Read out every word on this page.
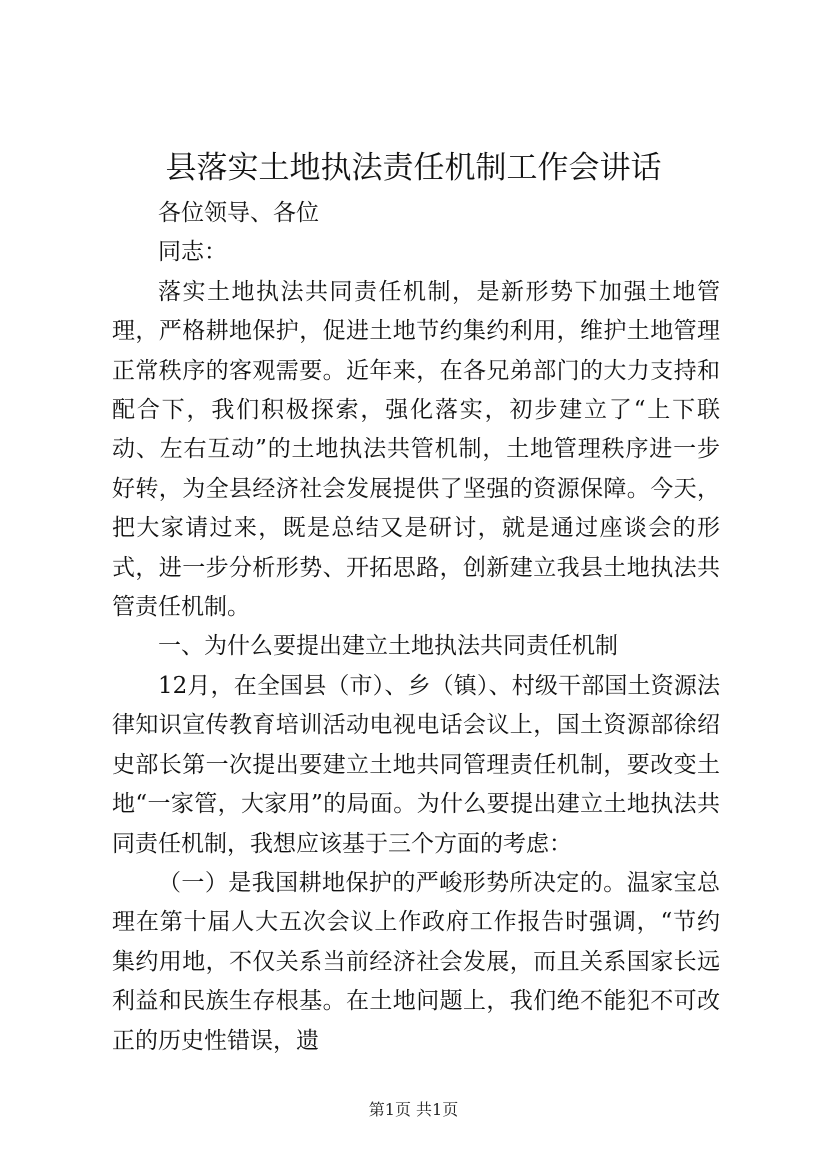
县落实土地执法责任机制工作会讲话

各位领导、各位

同志：

落实土地执法共同责任机制，是新形势下加强土地管理，严格耕地保护，促进土地节约集约利用，维护土地管理正常秩序的客观需要。近年来，在各兄弟部门的大力支持和配合下，我们积极探索，强化落实，初步建立了“上下联动、左右互动”的土地执法共管机制，土地管理秩序进一步好转，为全县经济社会发展提供了坚强的资源保障。今天，把大家请过来，既是总结又是研讨，就是通过座谈会的形式，进一步分析形势、开拓思路，创新建立我县土地执法共管责任机制。

一、为什么要提出建立土地执法共同责任机制

12月，在全国县（市）、乡（镇）、村级干部国土资源法律知识宣传教育培训活动电视电话会议上，国土资源部徐绍史部长第一次提出要建立土地共同管理责任机制，要改变土地“一家管，大家用”的局面。为什么要提出建立土地执法共同责任机制，我想应该基于三个方面的考虑：

（一）是我国耕地保护的严峻形势所决定的。温家宝总理在第十届人大五次会议上作政府工作报告时强调，“节约集约用地，不仅关系当前经济社会发展，而且关系国家长远利益和民族生存根基。在土地问题上，我们绝不能犯不可改正的历史性错误，遗

第1页 共1页
